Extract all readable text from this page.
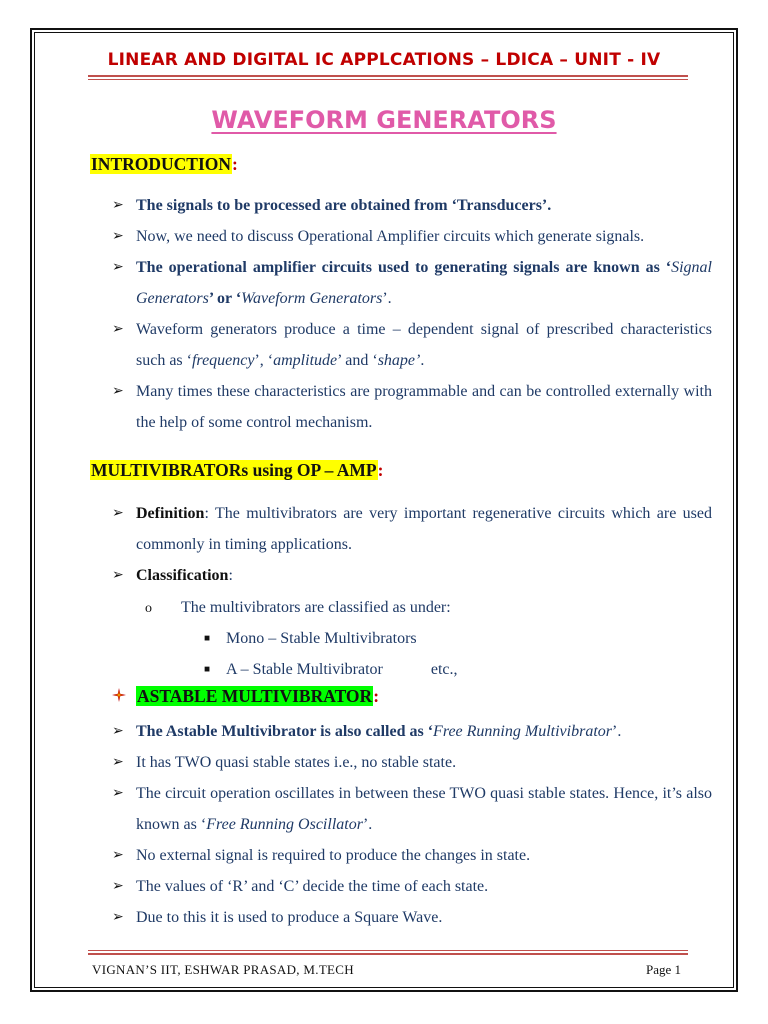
LINEAR AND DIGITAL IC APPLCATIONS – LDICA – UNIT - IV
WAVEFORM GENERATORS
INTRODUCTION:
➢ The signals to be processed are obtained from ‘Transducers’.
➢ Now, we need to discuss Operational Amplifier circuits which generate signals.
➢ The operational amplifier circuits used to generating signals are known as ‘Signal Generators’ or ‘Waveform Generators’.
➢ Waveform generators produce a time – dependent signal of prescribed characteristics such as ‘frequency’, ‘amplitude’ and ‘shape’.
➢ Many times these characteristics are programmable and can be controlled externally with the help of some control mechanism.
MULTIVIBRATORs using OP – AMP:
➢ Definition: The multivibrators are very important regenerative circuits which are used commonly in timing applications.
➢ Classification:
o The multivibrators are classified as under:
■ Mono – Stable Multivibrators
■ A – Stable Multivibrator            etc.,
ASTABLE MULTIVIBRATOR:
➢ The Astable Multivibrator is also called as ‘Free Running Multivibrator’.
➢ It has TWO quasi stable states i.e., no stable state.
➢ The circuit operation oscillates in between these TWO quasi stable states. Hence, it’s also known as ‘Free Running Oscillator’.
➢ No external signal is required to produce the changes in state.
➢ The values of ‘R’ and ‘C’ decide the time of each state.
➢ Due to this it is used to produce a Square Wave.
VIGNAN’S IIT, ESHWAR PRASAD, M.TECH	Page 1
